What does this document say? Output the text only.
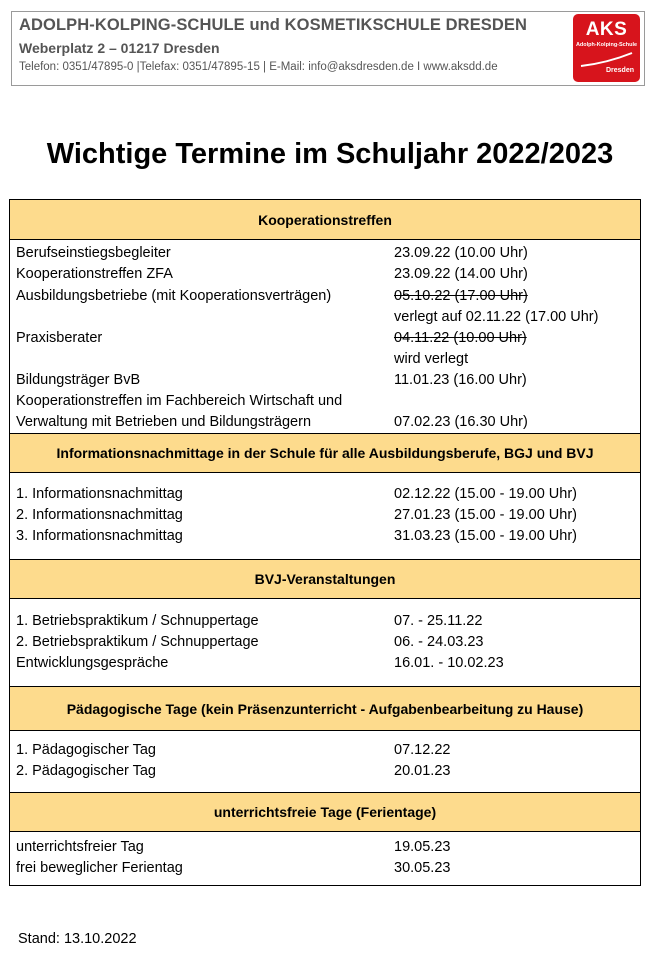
ADOLPH-KOLPING-SCHULE und KOSMETIKSCHULE DRESDEN
Weberplatz 2 – 01217 Dresden
Telefon: 0351/47895-0 |Telefax: 0351/47895-15 | E-Mail: info@aksdresden.de I www.aksdd.de
AKS
Adolph-Kolping-Schule
Dresden
Wichtige Termine im Schuljahr 2022/2023
Kooperationstreffen
Berufseinstiegsbegleiter	23.09.22 (10.00 Uhr)
Kooperationstreffen ZFA	23.09.22 (14.00 Uhr)
Ausbildungsbetriebe (mit Kooperationsverträgen)	05.10.22 (17.00 Uhr)
verlegt auf 02.11.22 (17.00 Uhr)
Praxisberater	04.11.22 (10.00 Uhr)
wird verlegt
Bildungsträger BvB	11.01.23 (16.00 Uhr)
Kooperationstreffen im Fachbereich Wirtschaft und
Verwaltung mit Betrieben und Bildungsträgern	07.02.23 (16.30 Uhr)
Informationsnachmittage in der Schule für alle Ausbildungsberufe, BGJ und BVJ
1. Informationsnachmittag	02.12.22 (15.00 - 19.00 Uhr)
2. Informationsnachmittag	27.01.23 (15.00 - 19.00 Uhr)
3. Informationsnachmittag	31.03.23 (15.00 - 19.00 Uhr)
BVJ-Veranstaltungen
1. Betriebspraktikum / Schnuppertage	07. - 25.11.22
2. Betriebspraktikum / Schnuppertage	06. - 24.03.23
Entwicklungsgespräche	16.01. - 10.02.23
Pädagogische Tage (kein Präsenzunterricht - Aufgabenbearbeitung zu Hause)
1. Pädagogischer Tag	07.12.22
2. Pädagogischer Tag	20.01.23
unterrichtsfreie Tage (Ferientage)
unterrichtsfreier Tag	19.05.23
frei beweglicher Ferientag	30.05.23
Stand: 13.10.2022
